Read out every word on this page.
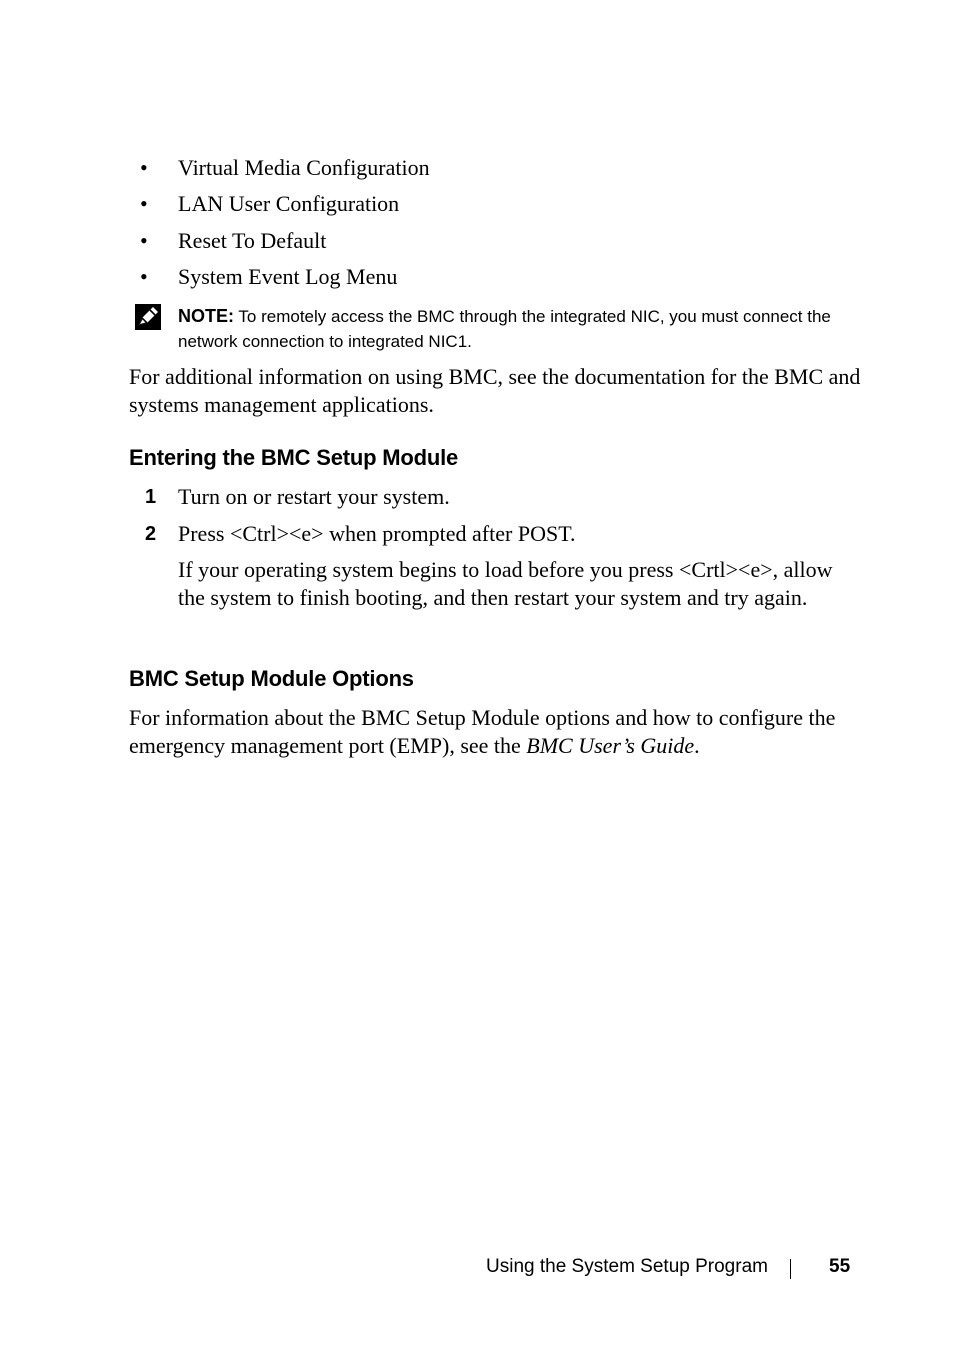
• Virtual Media Configuration
• LAN User Configuration
• Reset To Default
• System Event Log Menu
NOTE: To remotely access the BMC through the integrated NIC, you must connect the network connection to integrated NIC1.
For additional information on using BMC, see the documentation for the BMC and systems management applications.
Entering the BMC Setup Module
1 Turn on or restart your system.
2 Press <Ctrl><e> when prompted after POST.
If your operating system begins to load before you press <Crtl><e>, allow the system to finish booting, and then restart your system and try again.
BMC Setup Module Options
For information about the BMC Setup Module options and how to configure the emergency management port (EMP), see the BMC User’s Guide.
Using the System Setup Program	55
